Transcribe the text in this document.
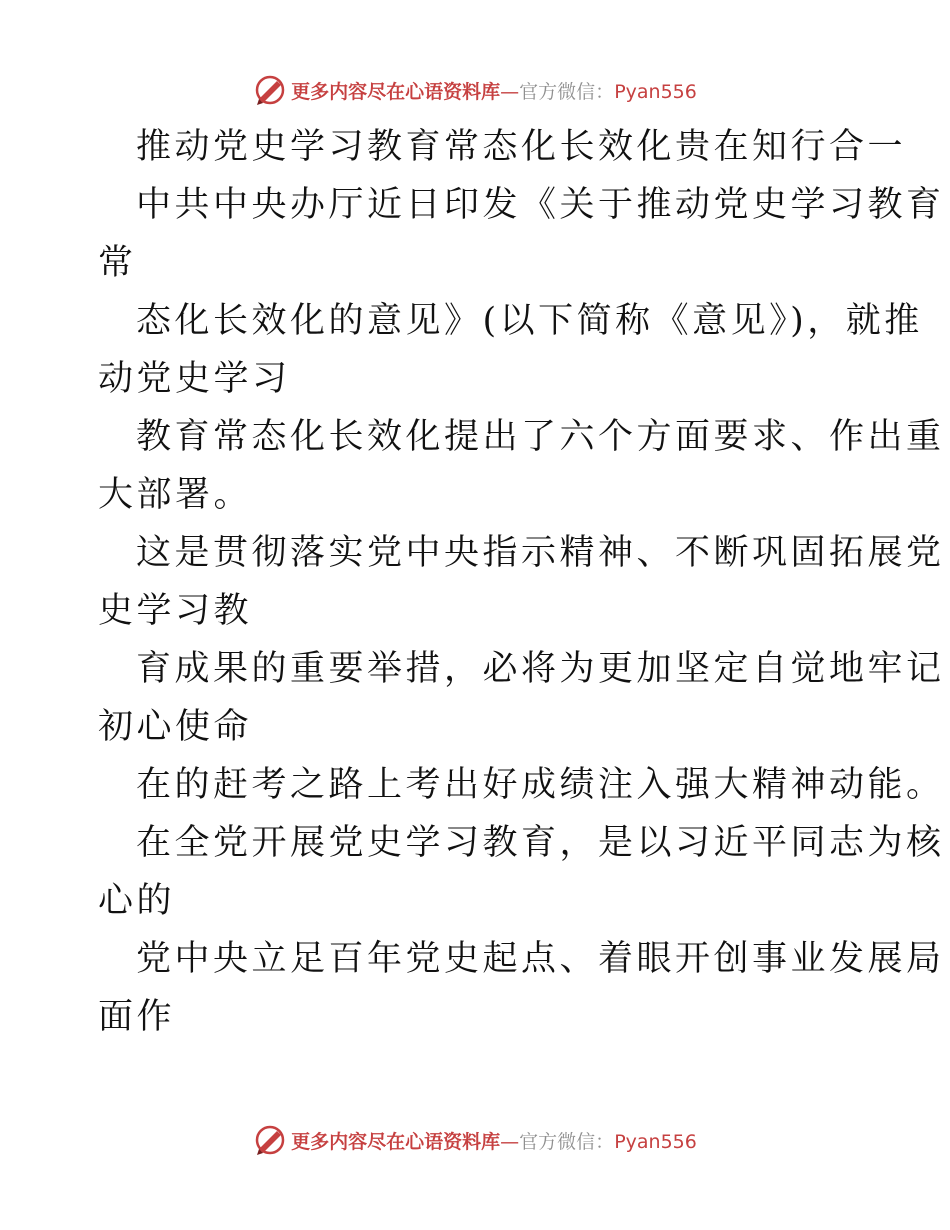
更多内容尽在心语资料库—官方微信：Pyan556
推动党史学习教育常态化长效化贵在知行合一
中共中央办厅近日印发《关于推动党史学习教育
常
态化长效化的意见》(以下简称《意见》)，就推
动党史学习
教育常态化长效化提出了六个方面要求、作出重
大部署。
这是贯彻落实党中央指示精神、不断巩固拓展党
史学习教
育成果的重要举措，必将为更加坚定自觉地牢记
初心使命
在的赶考之路上考出好成绩注入强大精神动能。
在全党开展党史学习教育，是以习近平同志为核
心的
党中央立足百年党史起点、着眼开创事业发展局
面作
更多内容尽在心语资料库—官方微信：Pyan556
